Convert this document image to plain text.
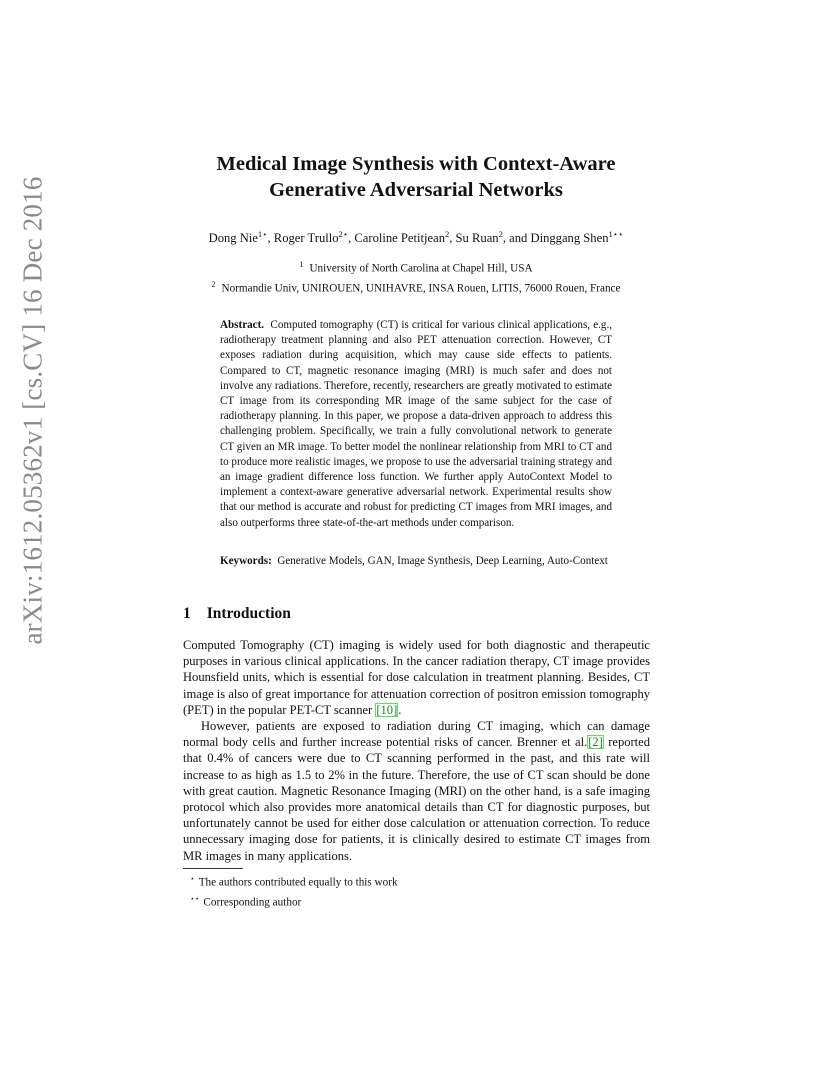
arXiv:1612.05362v1 [cs.CV] 16 Dec 2016
Medical Image Synthesis with Context-Aware
Generative Adversarial Networks
Dong Nie$^{1⋆}$, Roger Trullo$^{2⋆}$, Caroline Petitjean$^2$, Su Ruan$^2$, and Dinggang Shen$^{1⋆⋆}$
$^1$ University of North Carolina at Chapel Hill, USA
$^2$ Normandie Univ, UNIROUEN, UNIHAVRE, INSA Rouen, LITIS, 76000 Rouen, France
Abstract. Computed tomography (CT) is critical for various clinical applications, e.g., radiotherapy treatment planning and also PET attenuation correction. However, CT exposes radiation during acquisition, which may cause side effects to patients. Compared to CT, magnetic resonance imaging (MRI) is much safer and does not involve any radiations. Therefore, recently, researchers are greatly motivated to estimate CT image from its corresponding MR image of the same subject for the case of radiotherapy planning. In this paper, we propose a data-driven approach to address this challenging problem. Specifically, we train a fully convolutional network to generate CT given an MR image. To better model the nonlinear relationship from MRI to CT and to produce more realistic images, we propose to use the adversarial training strategy and an image gradient difference loss function. We further apply AutoContext Model to implement a context-aware generative adversarial network. Experimental results show that our method is accurate and robust for predicting CT images from MRI images, and also outperforms three state-of-the-art methods under comparison.
Keywords: Generative Models, GAN, Image Synthesis, Deep Learning, Auto-Context
1 Introduction

Computed Tomography (CT) imaging is widely used for both diagnostic and therapeutic purposes in various clinical applications. In the cancer radiation therapy, CT image provides Hounsfield units, which is essential for dose calculation in treatment planning. Besides, CT image is also of great importance for attenuation correction of positron emission tomography (PET) in the popular PET-CT scanner [10].

However, patients are exposed to radiation during CT imaging, which can damage normal body cells and further increase potential risks of cancer. Brenner et al.[2] reported that 0.4% of cancers were due to CT scanning performed in the past, and this rate will increase to as high as 1.5 to 2% in the future. Therefore, the use of CT scan should be done with great caution. Magnetic Resonance Imaging (MRI) on the other hand, is a safe imaging protocol which also provides more anatomical details than CT for diagnostic purposes, but unfortunately cannot be used for either dose calculation or attenuation correction. To reduce unnecessary imaging dose for patients, it is clinically desired to estimate CT images from MR images in many applications.

⋆ The authors contributed equally to this work
⋆⋆ Corresponding author
